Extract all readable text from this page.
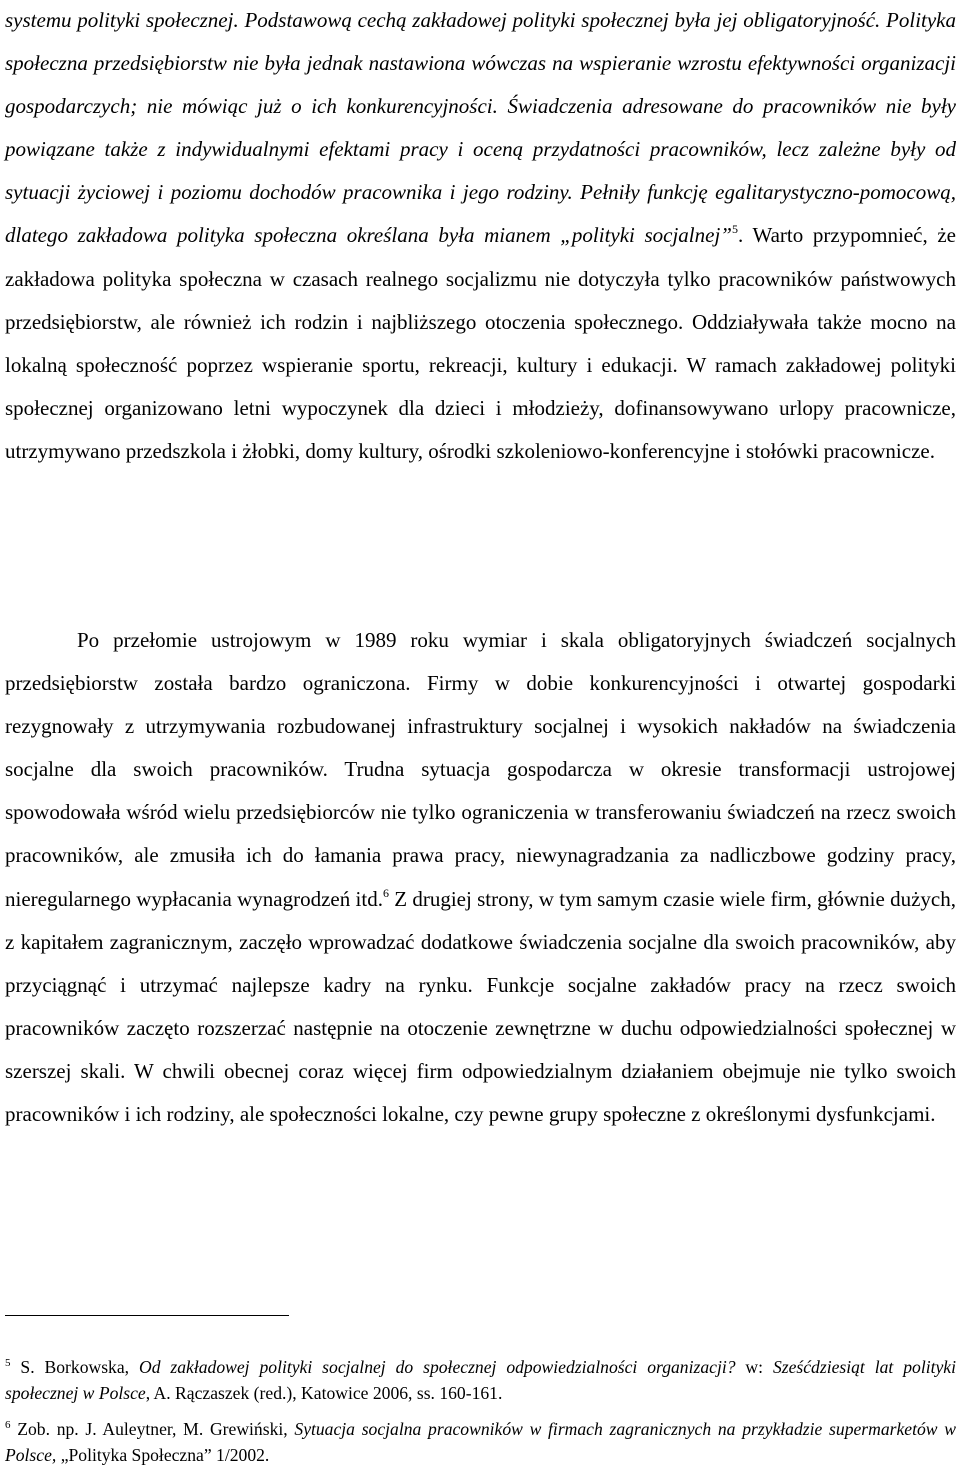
systemu polityki społecznej. Podstawową cechą zakładowej polityki społecznej była jej obligatoryjność. Polityka społeczna przedsiębiorstw nie była jednak nastawiona wówczas na wspieranie wzrostu efektywności organizacji gospodarczych; nie mówiąc już o ich konkurencyjności. Świadczenia adresowane do pracowników nie były powiązane także z indywidualnymi efektami pracy i oceną przydatności pracowników, lecz zależne były od sytuacji życiowej i poziomu dochodów pracownika i jego rodziny. Pełniły funkcję egalitarystyczno-pomocową, dlatego zakładowa polityka społeczna określana była mianem „polityki socjalnej”$^5$. Warto przypomnieć, że zakładowa polityka społeczna w czasach realnego socjalizmu nie dotyczyła tylko pracowników państwowych przedsiębiorstw, ale również ich rodzin i najbliższego otoczenia społecznego. Oddziaływała także mocno na lokalną społeczność poprzez wspieranie sportu, rekreacji, kultury i edukacji. W ramach zakładowej polityki społecznej organizowano letni wypoczynek dla dzieci i młodzieży, dofinansowywano urlopy pracownicze, utrzymywano przedszkola i żłobki, domy kultury, ośrodki szkoleniowo-konferencyjne i stołówki pracownicze.

Po przełomie ustrojowym w 1989 roku wymiar i skala obligatoryjnych świadczeń socjalnych przedsiębiorstw została bardzo ograniczona. Firmy w dobie konkurencyjności i otwartej gospodarki rezygnowały z utrzymywania rozbudowanej infrastruktury socjalnej i wysokich nakładów na świadczenia socjalne dla swoich pracowników. Trudna sytuacja gospodarcza w okresie transformacji ustrojowej spowodowała wśród wielu przedsiębiorców nie tylko ograniczenia w transferowaniu świadczeń na rzecz swoich pracowników, ale zmusiła ich do łamania prawa pracy, niewynagradzania za nadliczbowe godziny pracy, nieregularnego wypłacania wynagrodzeń itd.$^6$ Z drugiej strony, w tym samym czasie wiele firm, głównie dużych, z kapitałem zagranicznym, zaczęło wprowadzać dodatkowe świadczenia socjalne dla swoich pracowników, aby przyciągnąć i utrzymać najlepsze kadry na rynku. Funkcje socjalne zakładów pracy na rzecz swoich pracowników zaczęto rozszerzać następnie na otoczenie zewnętrzne w duchu odpowiedzialności społecznej w szerszej skali. W chwili obecnej coraz więcej firm odpowiedzialnym działaniem obejmuje nie tylko swoich pracowników i ich rodziny, ale społeczności lokalne, czy pewne grupy społeczne z określonymi dysfunkcjami.

$^5$ S. Borkowska, Od zakładowej polityki socjalnej do społecznej odpowiedzialności organizacji? w: Sześćdziesiąt lat polityki społecznej w Polsce, A. Rączaszek (red.), Katowice 2006, ss. 160-161.

$^6$ Zob. np. J. Auleytner, M. Grewiński, Sytuacja socjalna pracowników w firmach zagranicznych na przykładzie supermarketów w Polsce, „Polityka Społeczna” 1/2002.
